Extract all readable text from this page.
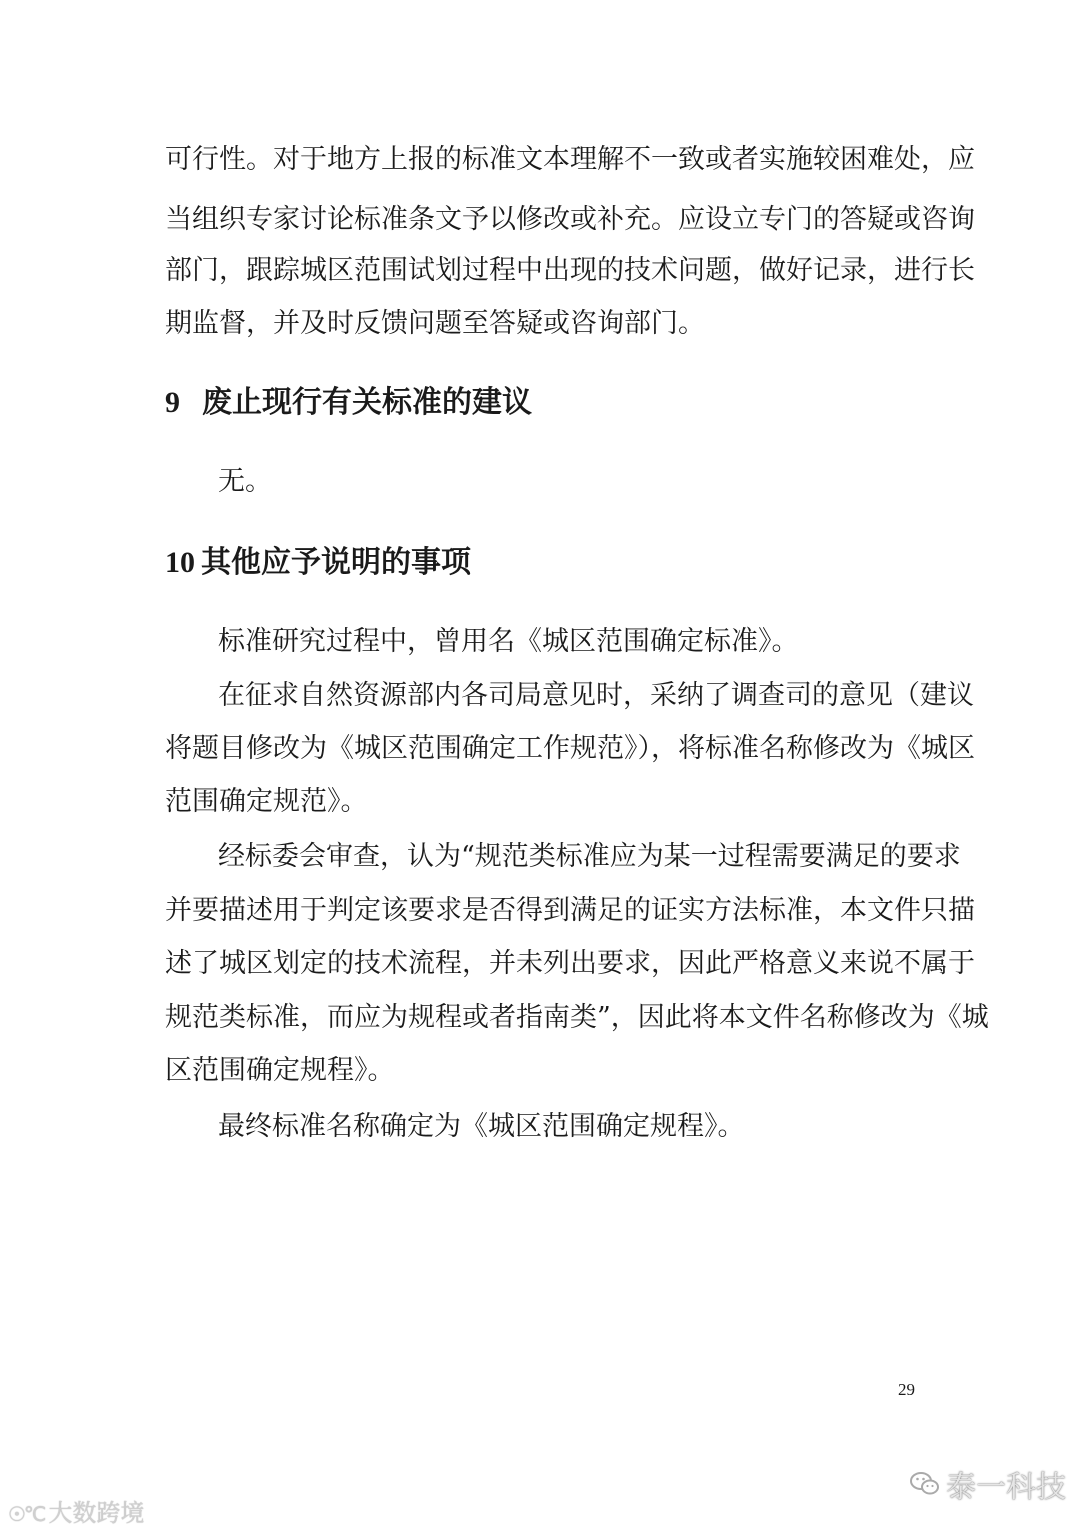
可行性。对于地方上报的标准文本理解不一致或者实施较困难处，应
当组织专家讨论标准条文予以修改或补充。应设立专门的答疑或咨询
部门，跟踪城区范围试划过程中出现的技术问题，做好记录，进行长
期监督，并及时反馈问题至答疑或咨询部门。
9 废止现行有关标准的建议
无。
10 其他应予说明的事项
标准研究过程中，曾用名《城区范围确定标准》。
在征求自然资源部内各司局意见时，采纳了调查司的意见（建议
将题目修改为《城区范围确定工作规范》），将标准名称修改为《城区
范围确定规范》。
经标委会审查，认为“规范类标准应为某一过程需要满足的要求
并要描述用于判定该要求是否得到满足的证实方法标准，本文件只描
述了城区划定的技术流程，并未列出要求，因此严格意义来说不属于
规范类标准，而应为规程或者指南类”，因此将本文件名称修改为《城
区范围确定规程》。
最终标准名称确定为《城区范围确定规程》。
29
☉℃ 大数跨境
泰一科技
